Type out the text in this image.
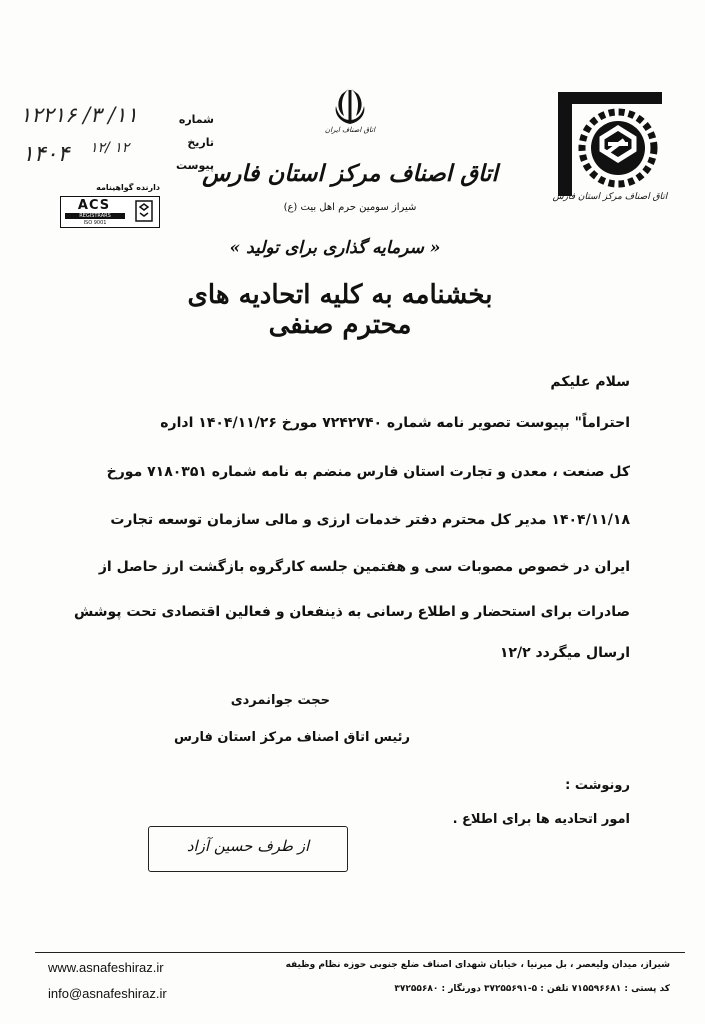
اتاق اصناف ایران
اتاق اصناف مرکز استان فارس
شیراز سومین حرم اهل بیت (ع)
« سرمایه گذاری برای تولید »
بخشنامه به کلیه اتحادیه های محترم صنفی
اتاق اصناف مرکز استان فارس
شماره
تاریخ
پیوست
۱۲۲۱۶ /۳ /۱۱
۱۲/ ۱۲
۱۴۰۴
دارنده گواهینامه
ACS
REGISTRARS
ISO 9001
سلام علیکم
احتراماً" بپیوست تصویر نامه شماره ۷۲۴۲۷۴۰ مورخ ۱۴۰۴/۱۱/۲۶ اداره
کل صنعت ، معدن و تجارت استان فارس منضم به نامه شماره ۷۱۸۰۳۵۱ مورخ
۱۴۰۴/۱۱/۱۸ مدیر کل محترم دفتر خدمات ارزی و مالی سازمان توسعه تجارت
ایران در خصوص مصوبات سی و هفتمین جلسه کارگروه بازگشت ارز حاصل از
صادرات برای استحضار و اطلاع رسانی به ذینفعان و فعالین اقتصادی تحت پوشش
ارسال میگردد ۱۲/۲
حجت جوانمردی
رئیس اتاق اصناف مرکز استان فارس
رونوشت :
امور اتحادیه ها برای اطلاع .
از طرف حسین آزاد
www.asnafeshiraz.ir
info@asnafeshiraz.ir
شیراز، میدان ولیعصر ، بل میرنیا ، خیابان شهدای اصناف ضلع جنوبی حوزه نظام وظیفه
کد پستی : ۷۱۵۵۹۶۶۸۱ تلفن : ۵-۳۷۲۵۵۶۹۱ دورنگار : ۳۷۲۵۵۶۸۰
